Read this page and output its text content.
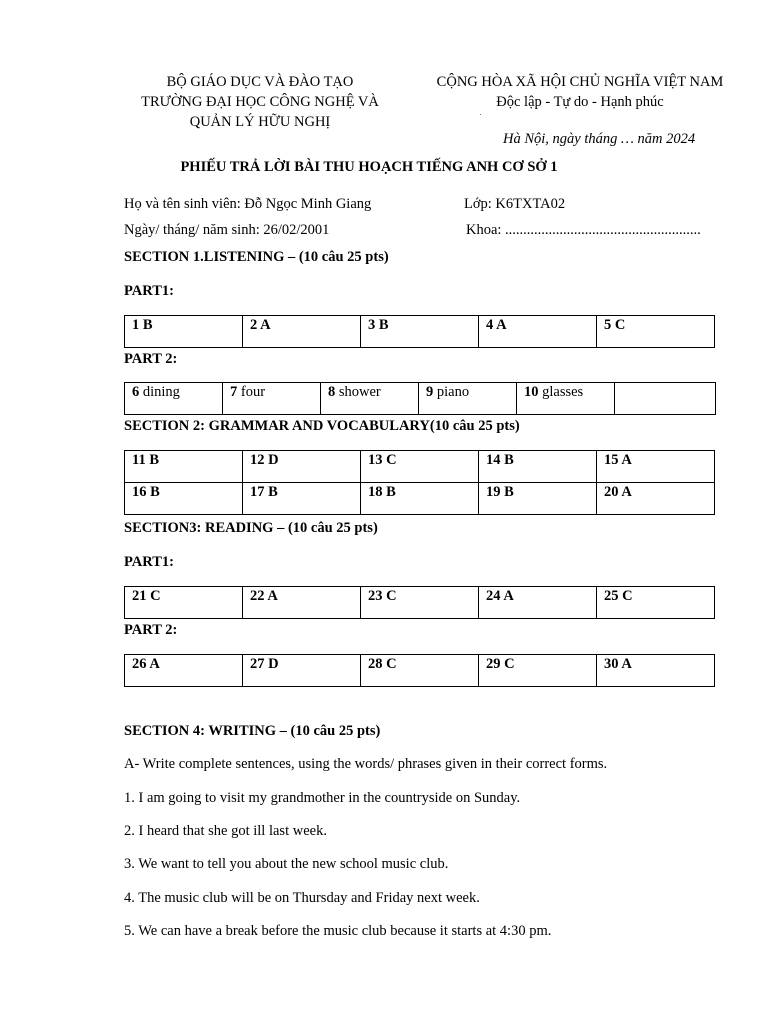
BỘ GIÁO DỤC VÀ ĐÀO TẠO
TRƯỜNG ĐẠI HỌC CÔNG NGHỆ VÀ
QUẢN LÝ HỮU NGHỊ
CỘNG HÒA XÃ HỘI CHỦ NGHĨA VIỆT NAM
Độc lập - Tự do - Hạnh phúc
Hà Nội, ngày tháng … năm 2024
PHIẾU TRẢ LỜI BÀI THU HOẠCH TIẾNG ANH CƠ SỞ 1
Họ và tên sinh viên: Đỗ Ngọc Minh Giang	Lớp: K6TXTA02
Ngày/ tháng/ năm sinh: 26/02/2001	Khoa: ......................................................
SECTION 1.LISTENING – (10 câu 25 pts)
PART1:
1 B	2 A	3 B	4 A	5 C
PART 2:
6 dining	7 four	8 shower	9 piano	10 glasses	
SECTION 2: GRAMMAR AND VOCABULARY(10 câu 25 pts)
11 B	12 D	13 C	14 B	15 A
16 B	17 B	18 B	19 B	20 A
SECTION3: READING – (10 câu 25 pts)
PART1:
21 C	22 A	23 C	24 A	25 C
PART 2:
26 A	27 D	28 C	29 C	30 A
SECTION 4: WRITING – (10 câu 25 pts)
A- Write complete sentences, using the words/ phrases given in their correct forms.
1. I am going to visit my grandmother in the countryside on Sunday.
2. I heard that she got ill last week.
3. We want to tell you about the new school music club.
4. The music club will be on Thursday and Friday next week.
5. We can have a break before the music club because it starts at 4:30 pm.
